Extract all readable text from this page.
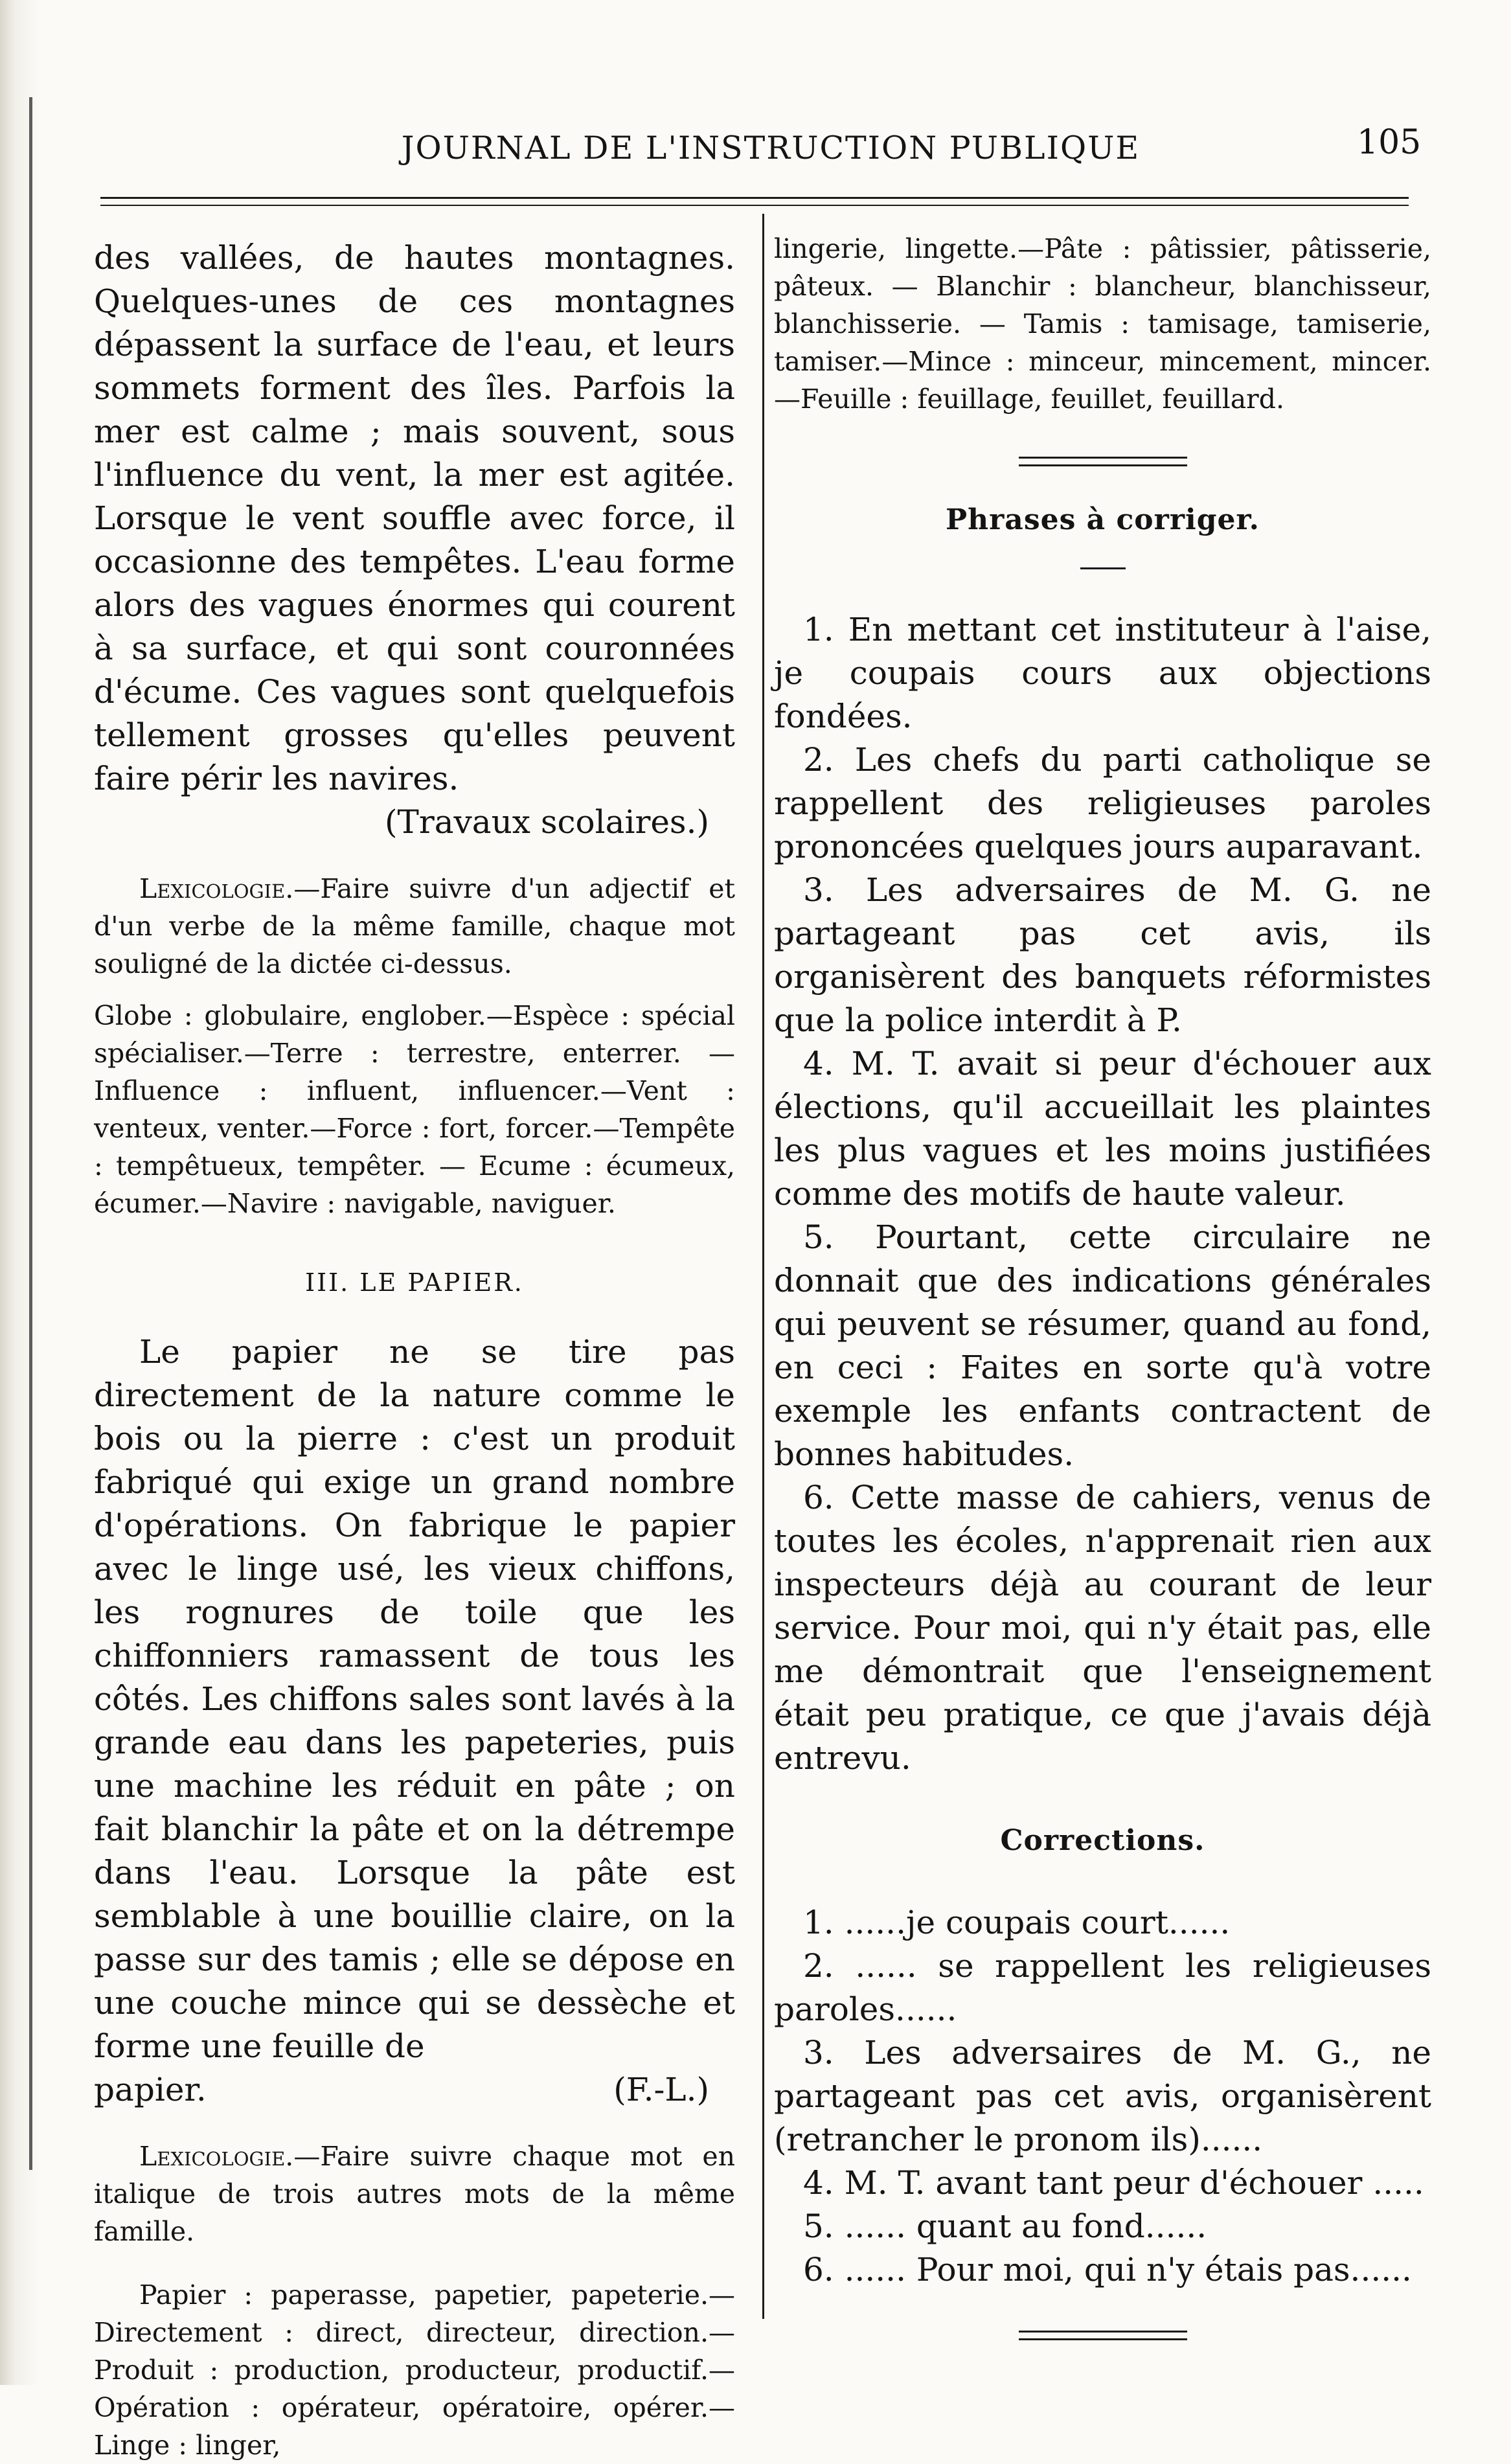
JOURNAL DE L'INSTRUCTION PUBLIQUE	105

des vallées, de hautes montagnes. Quelques-unes de ces montagnes dépassent la surface de l'eau, et leurs sommets forment des îles. Parfois la mer est calme ; mais souvent, sous l'influence du vent, la mer est agitée. Lorsque le vent souffle avec force, il occasionne des tempêtes. L'eau forme alors des vagues énormes qui courent à sa surface, et qui sont couronnées d'écume. Ces vagues sont quelquefois tellement grosses qu'elles peuvent faire périr les navires.

(Travaux scolaires.)

Lexicologie.—Faire suivre d'un adjectif et d'un verbe de la même famille, chaque mot souligné de la dictée ci-dessus.

Globe : globulaire, englober.—Espèce : spécial spécialiser.—Terre : terrestre, enterrer. — Influence : influent, influencer.—Vent : venteux, venter.—Force : fort, forcer.—Tempête : tempêtueux, tempêter. — Ecume : écumeux, écumer.—Navire : navigable, naviguer.

III. LE PAPIER.

Le papier ne se tire pas directement de la nature comme le bois ou la pierre : c'est un produit fabriqué qui exige un grand nombre d'opérations. On fabrique le papier avec le linge usé, les vieux chiffons, les rognures de toile que les chiffonniers ramassent de tous les côtés. Les chiffons sales sont lavés à la grande eau dans les papeteries, puis une machine les réduit en pâte ; on fait blanchir la pâte et on la détrempe dans l'eau. Lorsque la pâte est semblable à une bouillie claire, on la passe sur des tamis ; elle se dépose en une couche mince qui se dessèche et forme une feuille de

papier.	(F.-L.)

Lexicologie.—Faire suivre chaque mot en italique de trois autres mots de la même famille.

Papier : paperasse, papetier, papeterie.—Directement : direct, directeur, direction.—Produit : production, producteur, productif.—Opération : opérateur, opératoire, opérer.—Linge : linger,

lingerie, lingette.—Pâte : pâtissier, pâtisserie, pâteux. — Blanchir : blancheur, blanchisseur, blanchisserie. — Tamis : tamisage, tamiserie, tamiser.—Mince : minceur, mincement, mincer.—Feuille : feuillage, feuillet, feuillard.

Phrases à corriger.

1. En mettant cet instituteur à l'aise, je coupais cours aux objections fondées.

2. Les chefs du parti catholique se rappellent des religieuses paroles prononcées quelques jours auparavant.

3. Les adversaires de M. G. ne partageant pas cet avis, ils organisèrent des banquets réformistes que la police interdit à P.

4. M. T. avait si peur d'échouer aux élections, qu'il accueillait les plaintes les plus vagues et les moins justifiées comme des motifs de haute valeur.

5. Pourtant, cette circulaire ne donnait que des indications générales qui peuvent se résumer, quand au fond, en ceci : Faites en sorte qu'à votre exemple les enfants contractent de bonnes habitudes.

6. Cette masse de cahiers, venus de toutes les écoles, n'apprenait rien aux inspecteurs déjà au courant de leur service. Pour moi, qui n'y était pas, elle me démontrait que l'enseignement était peu pratique, ce que j'avais déjà entrevu.

Corrections.

1. ......je coupais court......

2. ...... se rappellent les religieuses paroles......

3. Les adversaires de M. G., ne partageant pas cet avis, organisèrent (retrancher le pronom ils)......

4. M. T. avant tant peur d'échouer .....

5. ...... quant au fond......

6. ...... Pour moi, qui n'y étais pas......
